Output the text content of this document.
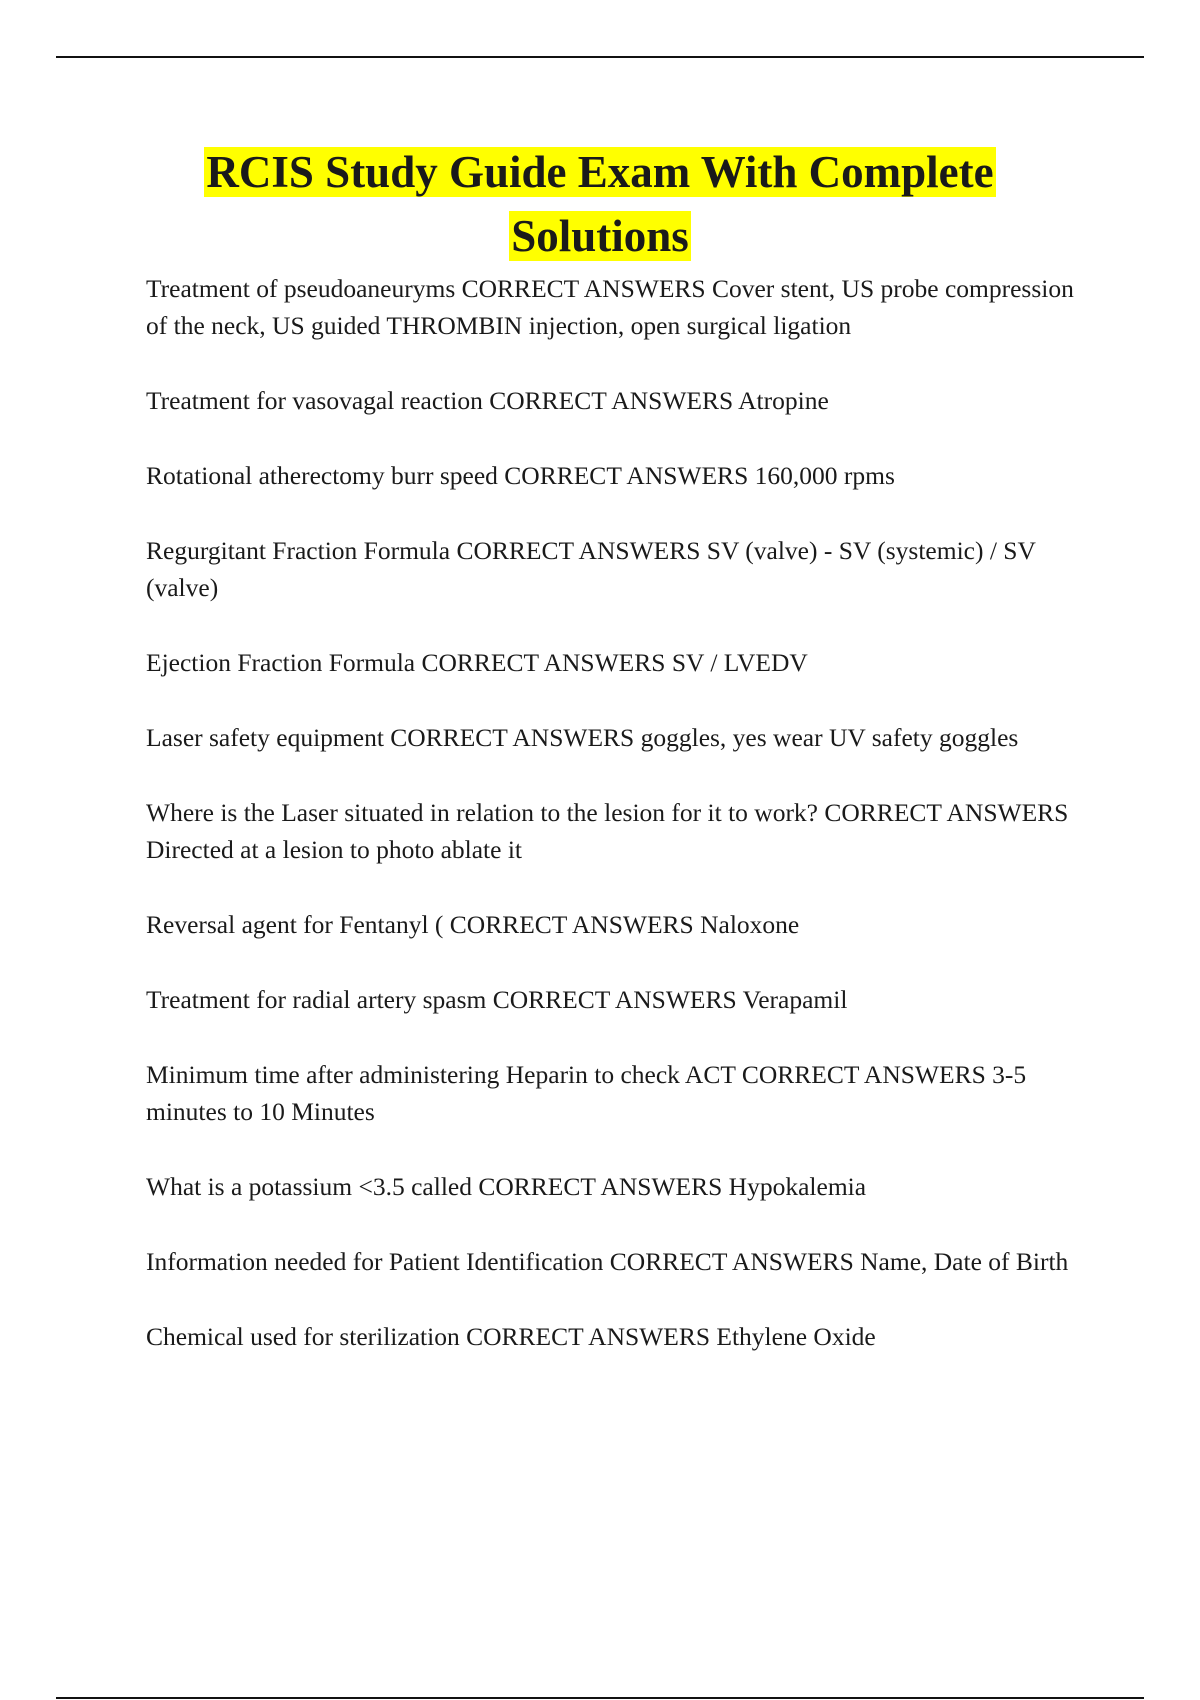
RCIS Study Guide Exam With Complete
Solutions
Treatment of pseudoaneuryms CORRECT ANSWERS Cover stent, US probe compression of the neck, US guided THROMBIN injection, open surgical ligation
Treatment for vasovagal reaction CORRECT ANSWERS Atropine
Rotational atherectomy burr speed CORRECT ANSWERS 160,000 rpms
Regurgitant Fraction Formula CORRECT ANSWERS SV (valve) - SV (systemic) / SV (valve)
Ejection Fraction Formula CORRECT ANSWERS SV / LVEDV
Laser safety equipment CORRECT ANSWERS goggles, yes wear UV safety goggles
Where is the Laser situated in relation to the lesion for it to work? CORRECT ANSWERS Directed at a lesion to photo ablate it
Reversal agent for Fentanyl ( CORRECT ANSWERS Naloxone
Treatment for radial artery spasm CORRECT ANSWERS Verapamil
Minimum time after administering Heparin to check ACT CORRECT ANSWERS 3-5 minutes to 10 Minutes
What is a potassium <3.5 called CORRECT ANSWERS Hypokalemia
Information needed for Patient Identification CORRECT ANSWERS Name, Date of Birth
Chemical used for sterilization CORRECT ANSWERS Ethylene Oxide
